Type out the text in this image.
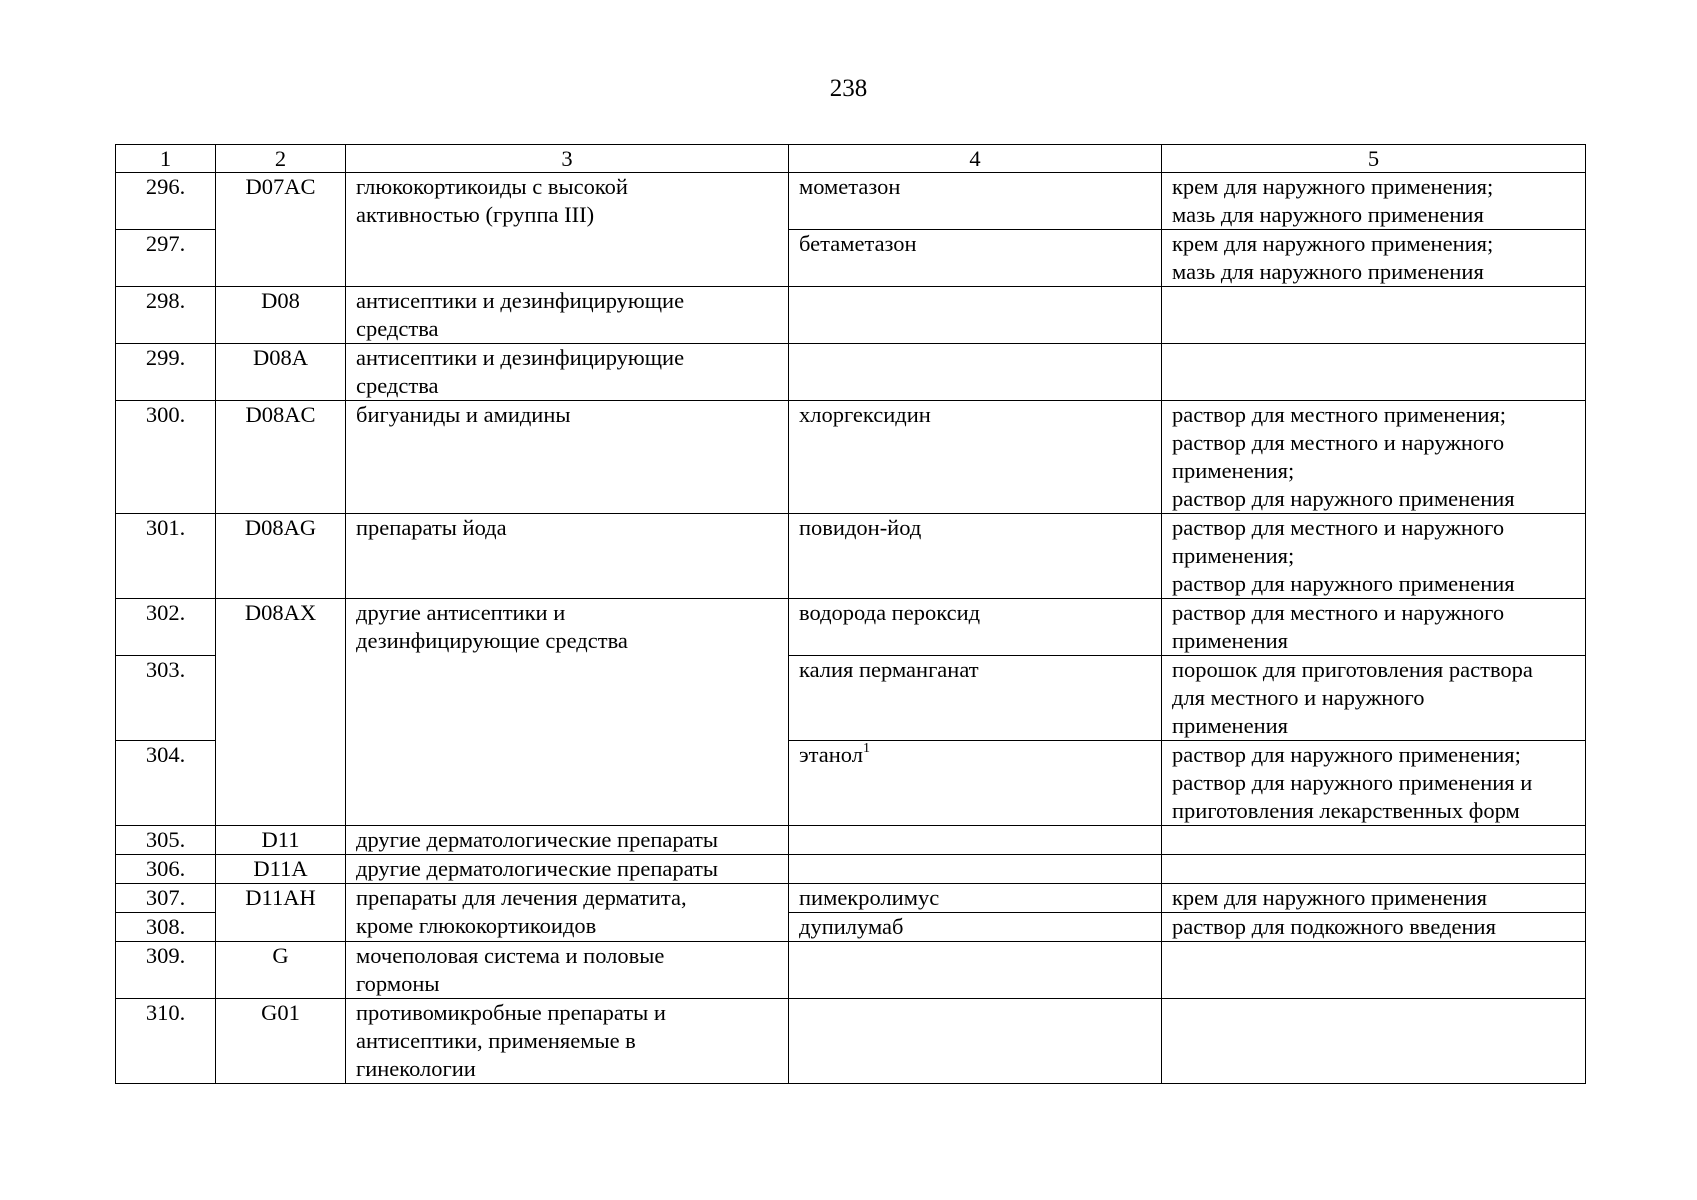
238
1	2	3	4	5
296.	D07AC	глюкокортикоиды с высокой
активностью (группа III)	мометазон	крем для наружного применения;
мазь для наружного применения

297.			бетаметазон	крем для наружного применения;
мазь для наружного применения

298.	D08	антисептики и дезинфицирующие
средства		

299.	D08A	антисептики и дезинфицирующие
средства		

300.	D08AC	бигуаниды и амидины	хлоргексидин	раствор для местного применения;
раствор для местного и наружного
применения;
раствор для наружного применения

301.	D08AG	препараты йода	повидон-йод	раствор для местного и наружного
применения;
раствор для наружного применения

302.	D08AX	другие антисептики и
дезинфицирующие средства	водорода пероксид	раствор для местного и наружного
применения

303.			калия перманганат	порошок для приготовления раствора
для местного и наружного
применения

304.			этанол$^1$	раствор для наружного применения;
раствор для наружного применения и
приготовления лекарственных форм

305.	D11	другие дерматологические препараты		

306.	D11A	другие дерматологические препараты		

307.	D11AH	препараты для лечения дерматита,
кроме глюкокортикоидов	пимекролимус	крем для наружного применения

308.			дупилумаб	раствор для подкожного введения

309.	G	мочеполовая система и половые
гормоны		

310.	G01	противомикробные препараты и
антисептики, применяемые в
гинекологии		
